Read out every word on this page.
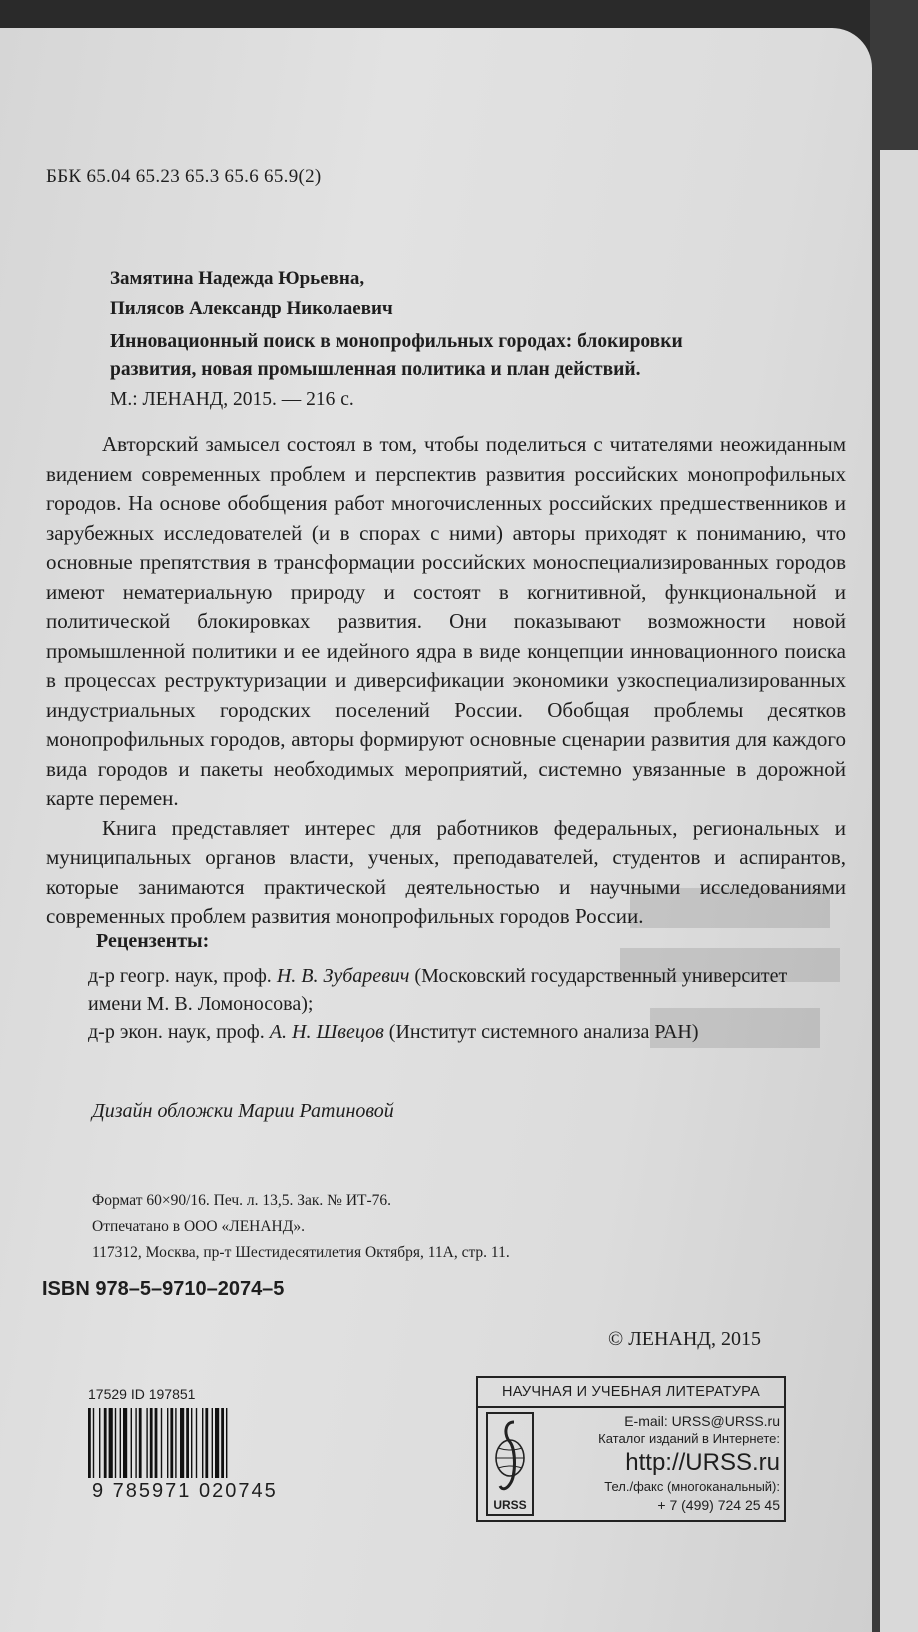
ББК 65.04 65.23 65.3 65.6 65.9(2)
Замятина Надежда Юрьевна,
Пилясов Александр Николаевич
Инновационный поиск в монопрофильных городах: блокировки
развития, новая промышленная политика и план действий.
М.: ЛЕНАНД, 2015. — 216 с.

Авторский замысел состоял в том, чтобы поделиться с читателями неожиданным видением современных проблем и перспектив развития российских монопрофильных городов. На основе обобщения работ многочисленных российских предшественников и зарубежных исследователей (и в спорах с ними) авторы приходят к пониманию, что основные препятствия в трансформации российских моноспециализированных городов имеют нематериальную природу и состоят в когнитивной, функциональной и политической блокировках развития. Они показывают возможности новой промышленной политики и ее идейного ядра в виде концепции инновационного поиска в процессах реструктуризации и диверсификации экономики узкоспециализированных индустриальных городских поселений России. Обобщая проблемы десятков монопрофильных городов, авторы формируют основные сценарии развития для каждого вида городов и пакеты необходимых мероприятий, системно увязанные в дорожной карте перемен.

Книга представляет интерес для работников федеральных, региональных и муниципальных органов власти, ученых, преподавателей, студентов и аспирантов, которые занимаются практической деятельностью и научными исследованиями современных проблем развития монопрофильных городов России.

Рецензенты:

д-р геогр. наук, проф. Н. В. Зубаревич (Московский государственный университет имени М. В. Ломоносова);

д-р экон. наук, проф. А. Н. Швецов (Институт системного анализа РАН)

Дизайн обложки Марии Ратиновой

Формат 60×90/16. Печ. л. 13,5. Зак. № ИТ-76.

Отпечатано в ООО «ЛЕНАНД».

117312, Москва, пр-т Шестидесятилетия Октября, 11А, стр. 11.

ISBN 978–5–9710–2074–5
© ЛЕНАНД, 2015
17529 ID 197851
9 785971 020745
НАУЧНАЯ И УЧЕБНАЯ ЛИТЕРАТУРА
URSS
E-mail: URSS@URSS.ru
Каталог изданий в Интернете:
http://URSS.ru
Тел./факс (многоканальный):
+ 7 (499) 724 25 45
